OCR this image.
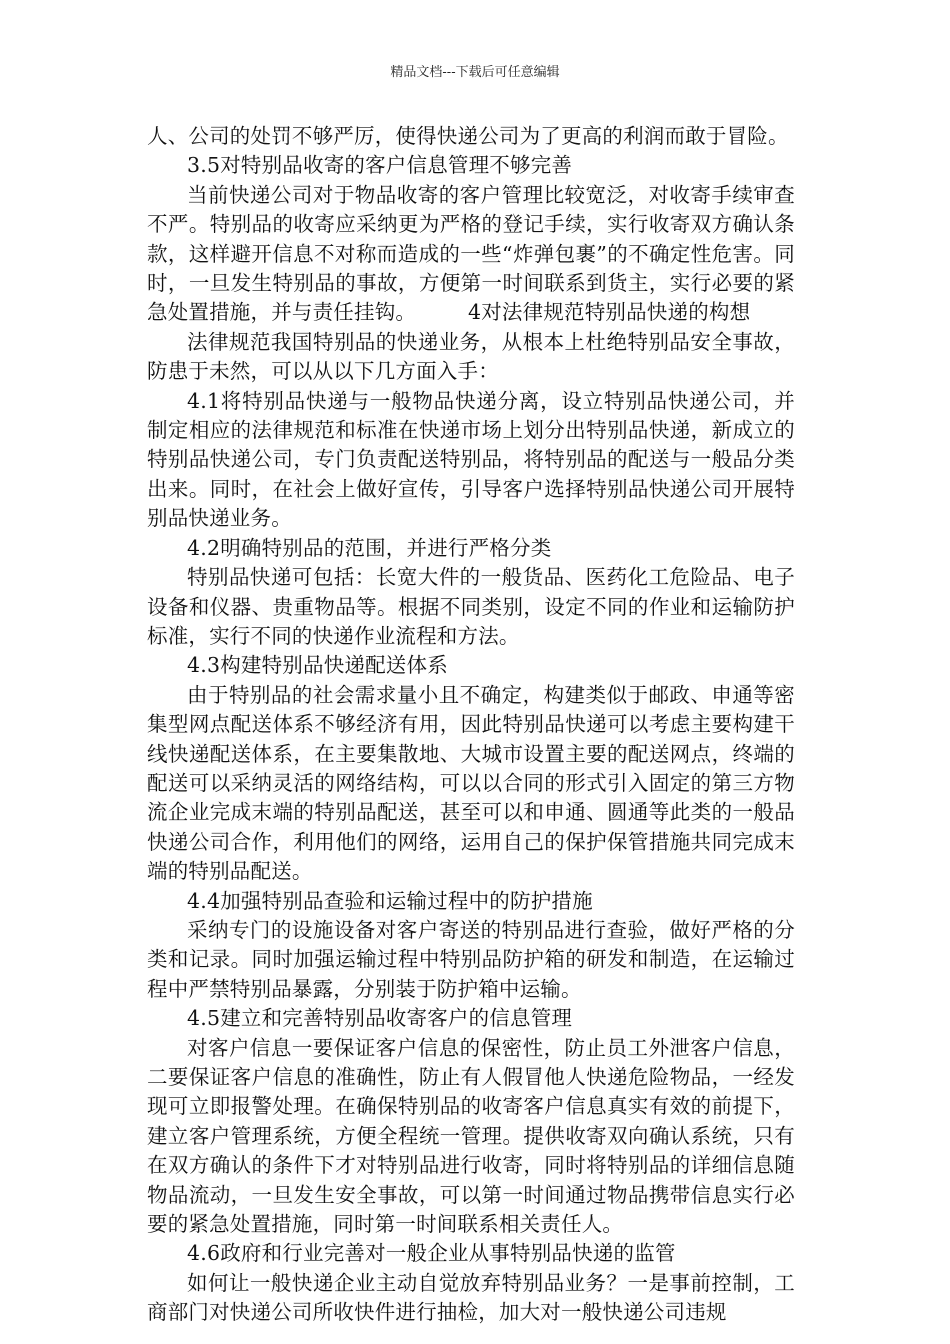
精品文档---下载后可任意编辑

人、公司的处罚不够严厉，使得快递公司为了更高的利润而敢于冒险。

3.5对特别品收寄的客户信息管理不够完善

当前快递公司对于物品收寄的客户管理比较宽泛，对收寄手续审查不严。特别品的收寄应采纳更为严格的登记手续，实行收寄双方确认条款，这样避开信息不对称而造成的一些“炸弹包裹”的不确定性危害。同时，一旦发生特别品的事故，方便第一时间联系到货主，实行必要的紧急处置措施，并与责任挂钩。　　　4对法律规范特别品快递的构想

法律规范我国特别品的快递业务，从根本上杜绝特别品安全事故，防患于未然，可以从以下几方面入手：

4.1将特别品快递与一般物品快递分离，设立特别品快递公司，并制定相应的法律规范和标准在快递市场上划分出特别品快递，新成立的特别品快递公司，专门负责配送特别品，将特别品的配送与一般品分类出来。同时，在社会上做好宣传，引导客户选择特别品快递公司开展特别品快递业务。

4.2明确特别品的范围，并进行严格分类

特别品快递可包括：长宽大件的一般货品、医药化工危险品、电子设备和仪器、贵重物品等。根据不同类别，设定不同的作业和运输防护标准，实行不同的快递作业流程和方法。

4.3构建特别品快递配送体系

由于特别品的社会需求量小且不确定，构建类似于邮政、申通等密集型网点配送体系不够经济有用，因此特别品快递可以考虑主要构建干线快递配送体系，在主要集散地、大城市设置主要的配送网点，终端的配送可以采纳灵活的网络结构，可以以合同的形式引入固定的第三方物流企业完成末端的特别品配送，甚至可以和申通、圆通等此类的一般品快递公司合作，利用他们的网络，运用自己的保护保管措施共同完成末端的特别品配送。

4.4加强特别品查验和运输过程中的防护措施

采纳专门的设施设备对客户寄送的特别品进行查验，做好严格的分类和记录。同时加强运输过程中特别品防护箱的研发和制造，在运输过程中严禁特别品暴露，分别装于防护箱中运输。

4.5建立和完善特别品收寄客户的信息管理

对客户信息一要保证客户信息的保密性，防止员工外泄客户信息，二要保证客户信息的准确性，防止有人假冒他人快递危险物品，一经发现可立即报警处理。在确保特别品的收寄客户信息真实有效的前提下，建立客户管理系统，方便全程统一管理。提供收寄双向确认系统，只有在双方确认的条件下才对特别品进行收寄，同时将特别品的详细信息随物品流动，一旦发生安全事故，可以第一时间通过物品携带信息实行必要的紧急处置措施，同时第一时间联系相关责任人。

4.6政府和行业完善对一般企业从事特别品快递的监管

如何让一般快递企业主动自觉放弃特别品业务？一是事前控制，工商部门对快递公司所收快件进行抽检，加大对一般快递公司违规
